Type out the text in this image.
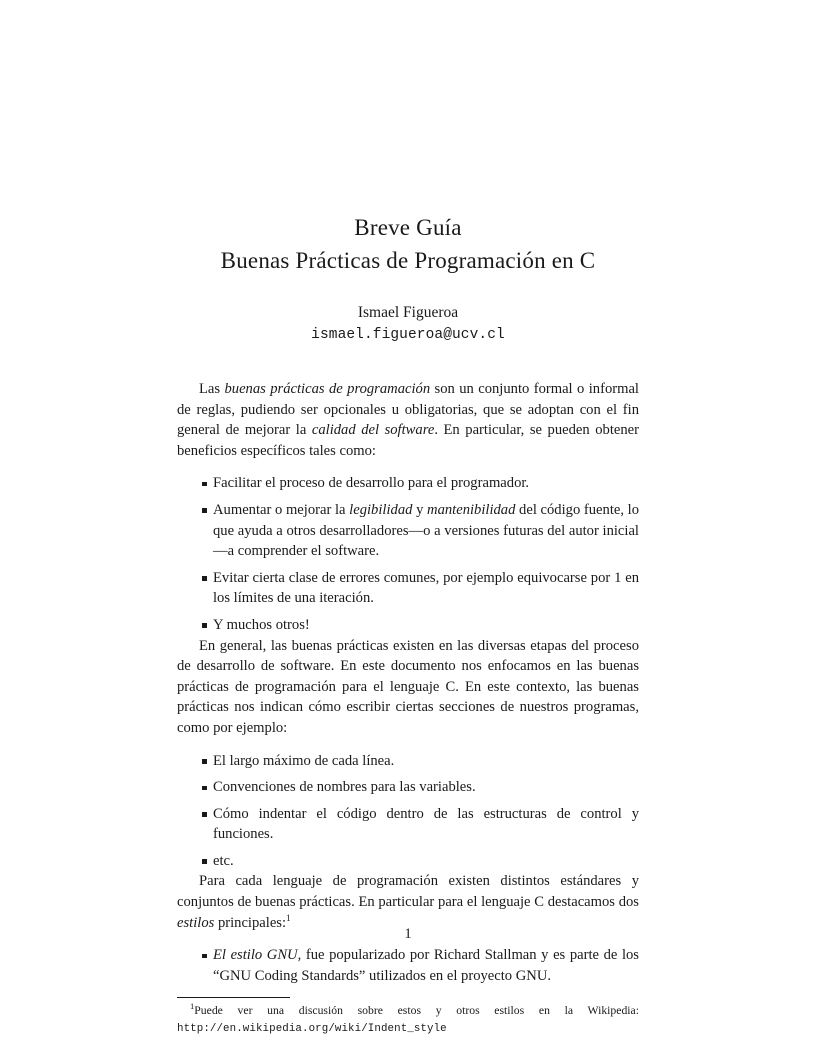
Breve Guía
Buenas Prácticas de Programación en C
Ismael Figueroa
ismael.figueroa@ucv.cl

Las buenas prácticas de programación son un conjunto formal o informal de reglas, pudiendo ser opcionales u obligatorias, que se adoptan con el fin general de mejorar la calidad del software. En particular, se pueden obtener beneficios específicos tales como:

Facilitar el proceso de desarrollo para el programador.
Aumentar o mejorar la legibilidad y mantenibilidad del código fuente, lo que ayuda a otros desarrolladores—o a versiones futuras del autor inicial—a comprender el software.
Evitar cierta clase de errores comunes, por ejemplo equivocarse por 1 en los límites de una iteración.
Y muchos otros!

En general, las buenas prácticas existen en las diversas etapas del proceso de desarrollo de software. En este documento nos enfocamos en las buenas prácticas de programación para el lenguaje C. En este contexto, las buenas prácticas nos indican cómo escribir ciertas secciones de nuestros programas, como por ejemplo:

El largo máximo de cada línea.
Convenciones de nombres para las variables.
Cómo indentar el código dentro de las estructuras de control y funciones.
etc.

Para cada lenguaje de programación existen distintos estándares y conjuntos de buenas prácticas. En particular para el lenguaje C destacamos dos estilos principales:$^1$

El estilo GNU, fue popularizado por Richard Stallman y es parte de los “GNU Coding Standards” utilizados en el proyecto GNU.

$^1$Puede ver una discusión sobre estos y otros estilos en la Wikipedia: http://en.wikipedia.org/wiki/Indent_style

1
